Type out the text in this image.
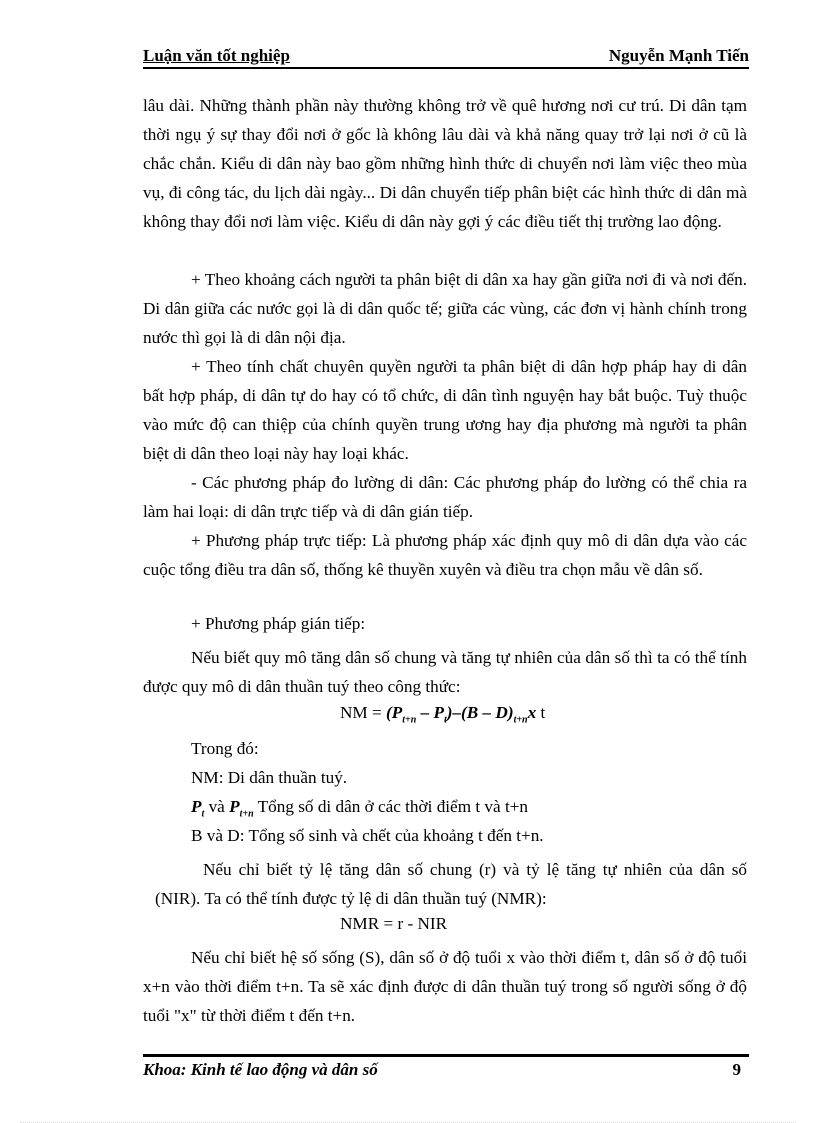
Luận văn tốt nghiệp	Nguyễn Mạnh Tiến
lâu dài. Những thành phần này thường không trở về quê hương nơi cư trú. Di dân tạm thời ngụ ý sự thay đổi nơi ở gốc là không lâu dài và khả năng quay trở lại nơi ở cũ là chắc chắn. Kiểu di dân này bao gồm những hình thức di chuyển nơi làm việc theo mùa vụ, đi công tác, du lịch dài ngày... Di dân chuyển tiếp phân biệt các hình thức di dân mà không thay đổi nơi làm việc. Kiểu di dân này gợi ý các điều tiết thị trường lao động.
+ Theo khoảng cách người ta phân biệt di dân xa hay gần giữa nơi đi và nơi đến. Di dân giữa các nước gọi là di dân quốc tế; giữa các vùng, các đơn vị hành chính trong nước thì gọi là di dân nội địa.
+ Theo tính chất chuyên quyền người ta phân biệt di dân hợp pháp hay di dân bất hợp pháp, di dân tự do hay có tổ chức, di dân tình nguyện hay bắt buộc. Tuỳ thuộc vào mức độ can thiệp của chính quyền trung ương hay địa phương mà người ta phân biệt di dân theo loại này hay loại khác.
- Các phương pháp đo lường di dân: Các phương pháp đo lường có thể chia ra làm hai loại: di dân trực tiếp và di dân gián tiếp.
+ Phương pháp trực tiếp: Là phương pháp xác định quy mô di dân dựa vào các cuộc tổng điều tra dân số, thống kê thuyền xuyên và điều tra chọn mẫu về dân số.
+ Phương pháp gián tiếp:
Nếu biết quy mô tăng dân số chung và tăng tự nhiên của dân số thì ta có thể tính được quy mô di dân thuần tuý theo công thức:
NM = $(P_{t+n} - P_t)-(B - D)_{t+n}x$ t
Trong đó:
NM: Di dân thuần tuý.
$P_t$ và $P_{t+n}$ Tổng số di dân ở các thời điểm t và t+n
B và D: Tổng số sinh và chết của khoảng t đến t+n.
Nếu chỉ biết tỷ lệ tăng dân số chung (r) và tỷ lệ tăng tự nhiên của dân số (NIR). Ta có thể tính được tỷ lệ di dân thuần tuý (NMR):
NMR = r - NIR
Nếu chỉ biết hệ số sống (S), dân số ở độ tuổi x vào thời điểm t, dân số ở độ tuổi x+n vào thời điểm t+n. Ta sẽ xác định được di dân thuần tuý trong số người sống ở độ tuổi "x" từ thời điểm t đến t+n.
Khoa: Kinh tế lao động và dân số	9
